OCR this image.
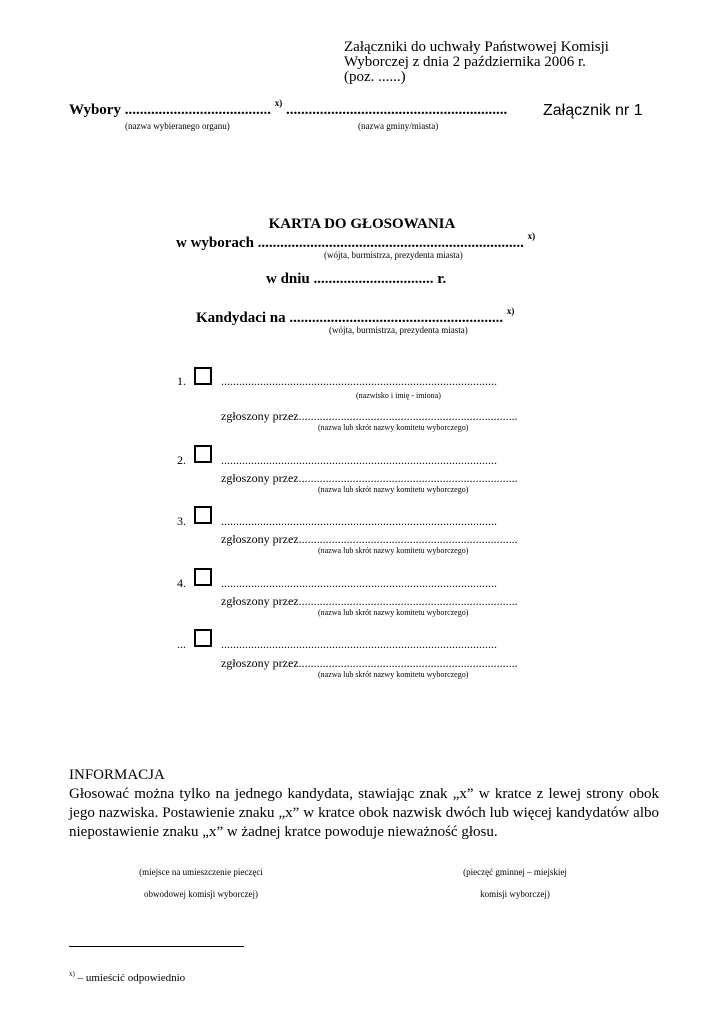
Załączniki do uchwały Państwowej Komisji
Wyborczej z dnia 2 października 2006 r.
(poz. ......)
Wybory ....................................... $^{x)}$ ........................................................... Załącznik nr 1
(nazwa wybieranego organu)	(nazwa gminy/miasta)
KARTA DO GŁOSOWANIA
w wyborach ....................................................................... $^{x)}$
(wójta, burmistrza, prezydenta miasta)
w dniu ................................ r.
Kandydaci na ......................................................... $^{x)}$
(wójta, burmistrza, prezydenta miasta)
1.	............................................................................................
(nazwisko i imię - imiona)
zgłoszony przez.........................................................................
(nazwa lub skrót nazwy komitetu wyborczego)
2.	............................................................................................
zgłoszony przez.........................................................................
(nazwa lub skrót nazwy komitetu wyborczego)
3.	............................................................................................
zgłoszony przez.........................................................................
(nazwa lub skrót nazwy komitetu wyborczego)
4.	............................................................................................
zgłoszony przez.........................................................................
(nazwa lub skrót nazwy komitetu wyborczego)
...	............................................................................................
zgłoszony przez.........................................................................
(nazwa lub skrót nazwy komitetu wyborczego)
INFORMACJA

Głosować można tylko na jednego kandydata, stawiając znak „x” w kratce z lewej strony obok jego nazwiska. Postawienie znaku „x” w kratce obok nazwisk dwóch lub więcej kandydatów albo niepostawienie znaku „x” w żadnej kratce powoduje nieważność głosu.

(miejsce na umieszczenie pieczęci
obwodowej komisji wyborczej)
(pieczęć gminnej – miejskiej
komisji wyborczej)
$^{x)}$ – umieścić odpowiednio
